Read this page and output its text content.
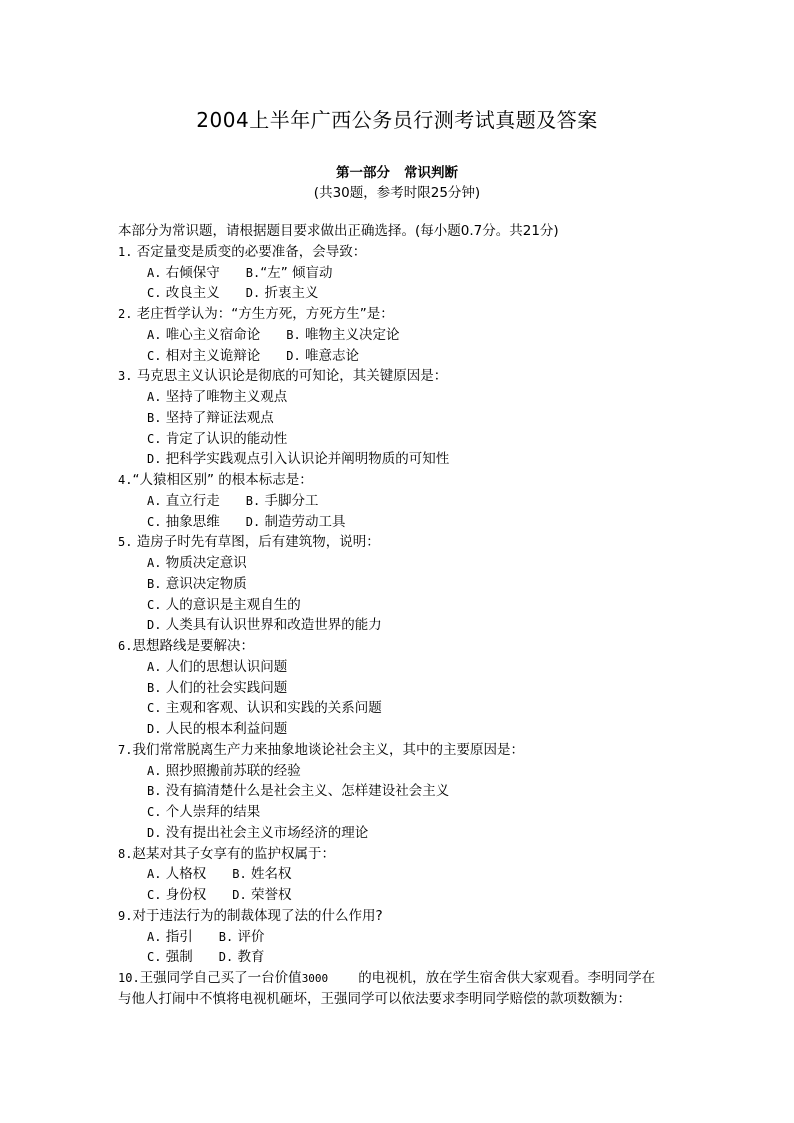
2004上半年广西公务员行测考试真题及答案
第一部分 常识判断
(共30题，参考时限25分钟)
本部分为常识题，请根据题目要求做出正确选择。(每小题0.7分。共21分)
1. 否定量变是质变的必要准备，会导致：
A. 右倾保守 B.“左” 倾盲动
C. 改良主义 D. 折衷主义
2. 老庄哲学认为：“方生方死，方死方生”是：
A. 唯心主义宿命论 B. 唯物主义决定论
C. 相对主义诡辩论 D. 唯意志论
3. 马克思主义认识论是彻底的可知论，其关键原因是：
A. 坚持了唯物主义观点
B. 坚持了辩证法观点
C. 肯定了认识的能动性
D. 把科学实践观点引入认识论并阐明物质的可知性
4.“人猿相区别” 的根本标志是：
A. 直立行走 B. 手脚分工
C. 抽象思维 D. 制造劳动工具
5. 造房子时先有草图，后有建筑物，说明：
A. 物质决定意识
B. 意识决定物质
C. 人的意识是主观自生的
D. 人类具有认识世界和改造世界的能力
6.思想路线是要解决：
A. 人们的思想认识问题
B. 人们的社会实践问题
C. 主观和客观、认识和实践的关系问题
D. 人民的根本利益问题
7.我们常常脱离生产力来抽象地谈论社会主义，其中的主要原因是：
A. 照抄照搬前苏联的经验
B. 没有搞清楚什么是社会主义、怎样建设社会主义
C. 个人崇拜的结果
D. 没有提出社会主义市场经济的理论
8.赵某对其子女享有的监护权属于：
A. 人格权 B. 姓名权
C. 身份权 D. 荣誉权
9.对于违法行为的制裁体现了法的什么作用?
A. 指引 B. 评价
C. 强制 D. 教育
10.王强同学自己买了一台价值3000 的电视机，放在学生宿舍供大家观看。李明同学在
与他人打闹中不慎将电视机砸坏，王强同学可以依法要求李明同学赔偿的款项数额为：
